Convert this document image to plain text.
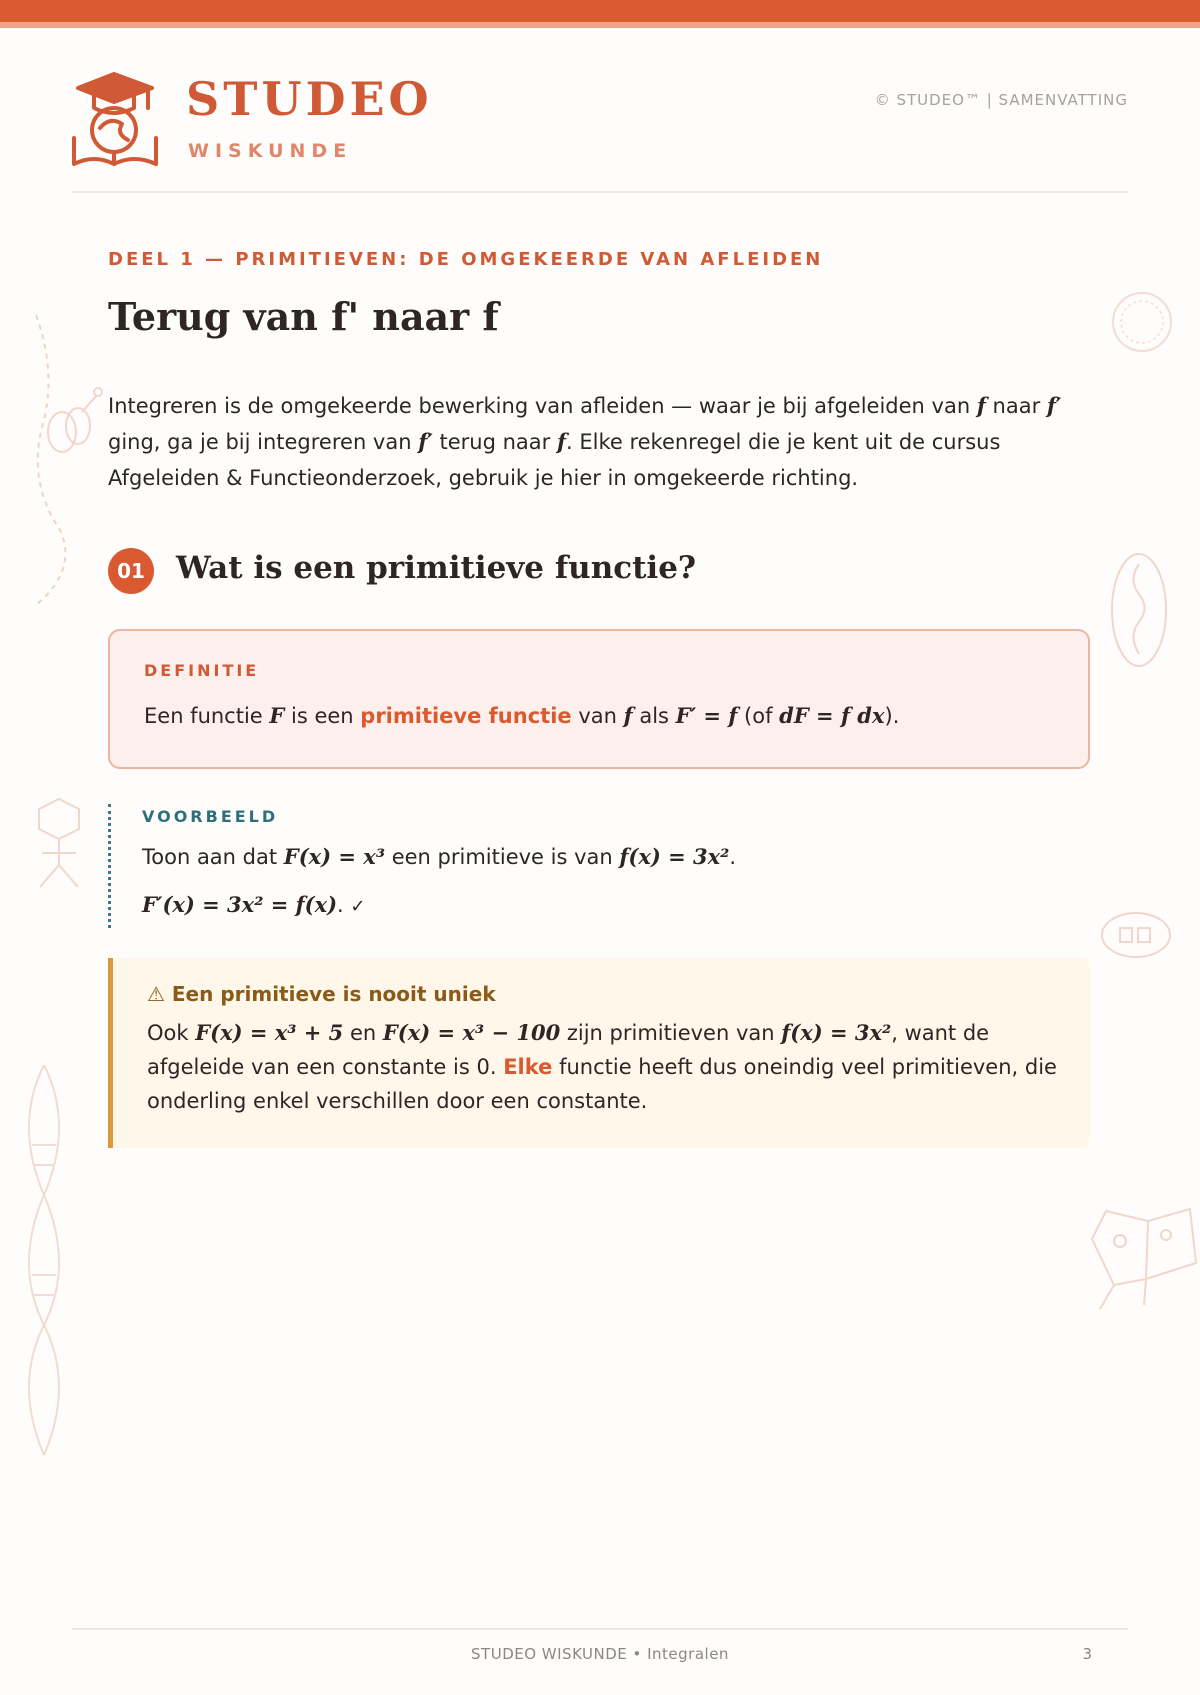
STUDEO
WISKUNDE
© STUDEO™ | SAMENVATTING
DEEL 1 — PRIMITIEVEN: DE OMGEKEERDE VAN AFLEIDEN
Terug van f' naar f
Integreren is de omgekeerde bewerking van afleiden — waar je bij afgeleiden van f naar f′ ging, ga je bij integreren van f′ terug naar f. Elke rekenregel die je kent uit de cursus Afgeleiden & Functieonderzoek, gebruik je hier in omgekeerde richting.
01 Wat is een primitieve functie?
DEFINITIE
Een functie F is een primitieve functie van f als F′ = f (of dF = f dx).
VOORBEELD
Toon aan dat F(x) = x³ een primitieve is van f(x) = 3x².
F′(x) = 3x² = f(x). ✓
⚠ Een primitieve is nooit uniek
Ook F(x) = x³ + 5 en F(x) = x³ − 100 zijn primitieven van f(x) = 3x², want de afgeleide van een constante is 0. Elke functie heeft dus oneindig veel primitieven, die onderling enkel verschillen door een constante.
STUDEO WISKUNDE • Integralen	3
